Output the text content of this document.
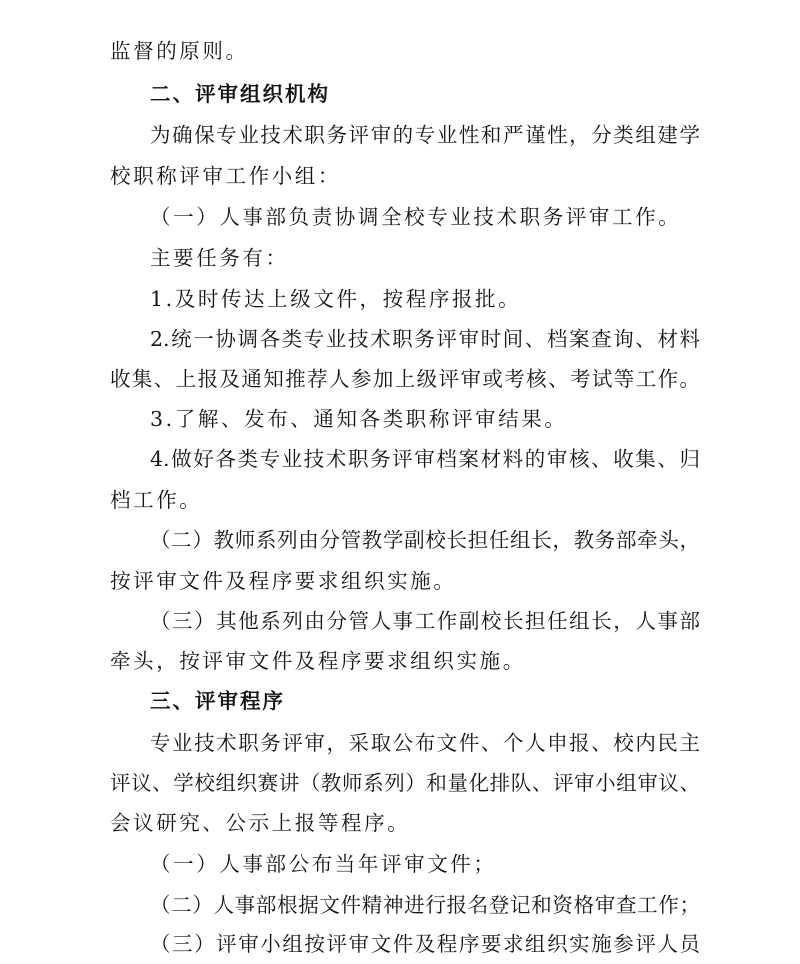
监督的原则。
二、评审组织机构
为确保专业技术职务评审的专业性和严谨性，分类组建学
校职称评审工作小组：
（一）人事部负责协调全校专业技术职务评审工作。
主要任务有：
1.及时传达上级文件，按程序报批。
2.统一协调各类专业技术职务评审时间、档案查询、材料
收集、上报及通知推荐人参加上级评审或考核、考试等工作。
3.了解、发布、通知各类职称评审结果。
4.做好各类专业技术职务评审档案材料的审核、收集、归
档工作。
（二）教师系列由分管教学副校长担任组长，教务部牵头，
按评审文件及程序要求组织实施。
（三）其他系列由分管人事工作副校长担任组长，人事部
牵头，按评审文件及程序要求组织实施。
三、评审程序
专业技术职务评审，采取公布文件、个人申报、校内民主
评议、学校组织赛讲（教师系列）和量化排队、评审小组审议、
会议研究、公示上报等程序。
（一）人事部公布当年评审文件；
（二）人事部根据文件精神进行报名登记和资格审查工作；
（三）评审小组按评审文件及程序要求组织实施参评人员
